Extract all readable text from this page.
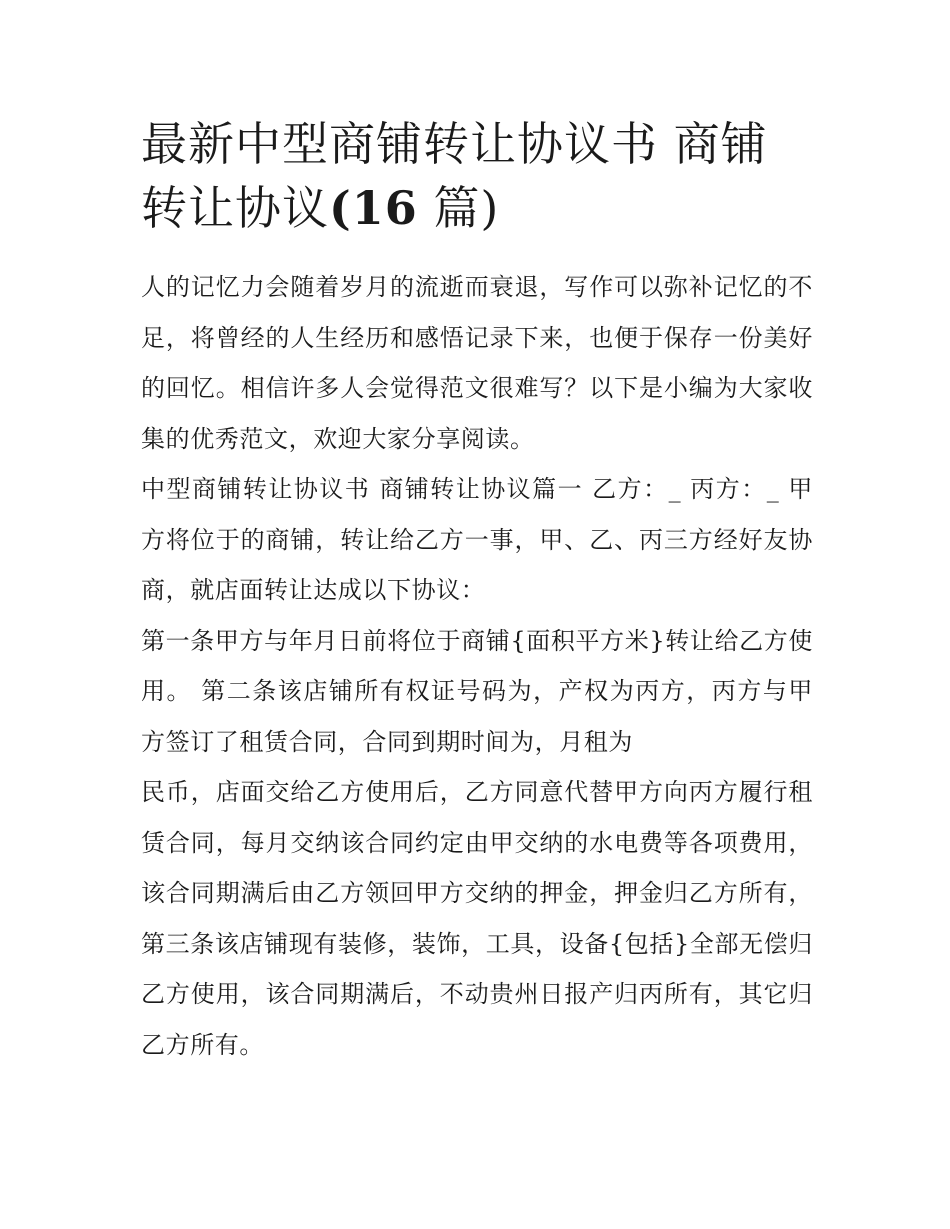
最新中型商铺转让协议书 商铺转让协议(16 篇)

人的记忆力会随着岁月的流逝而衰退，写作可以弥补记忆的不足，将曾经的人生经历和感悟记录下来，也便于保存一份美好的回忆。相信许多人会觉得范文很难写？以下是小编为大家收集的优秀范文，欢迎大家分享阅读。

中型商铺转让协议书 商铺转让协议篇一 乙方：_ 丙方：_ 甲方将位于的商铺，转让给乙方一事，甲、乙、丙三方经好友协商，就店面转让达成以下协议：

第一条甲方与年月日前将位于商铺{面积平方米}转让给乙方使用。 第二条该店铺所有权证号码为，产权为丙方，丙方与甲方签订了租赁合同，合同到期时间为，月租为

民币，店面交给乙方使用后，乙方同意代替甲方向丙方履行租赁合同，每月交纳该合同约定由甲交纳的水电费等各项费用，该合同期满后由乙方领回甲方交纳的押金，押金归乙方所有，第三条该店铺现有装修，装饰，工具，设备{包括}全部无偿归乙方使用，该合同期满后，不动贵州日报产归丙所有，其它归乙方所有。
